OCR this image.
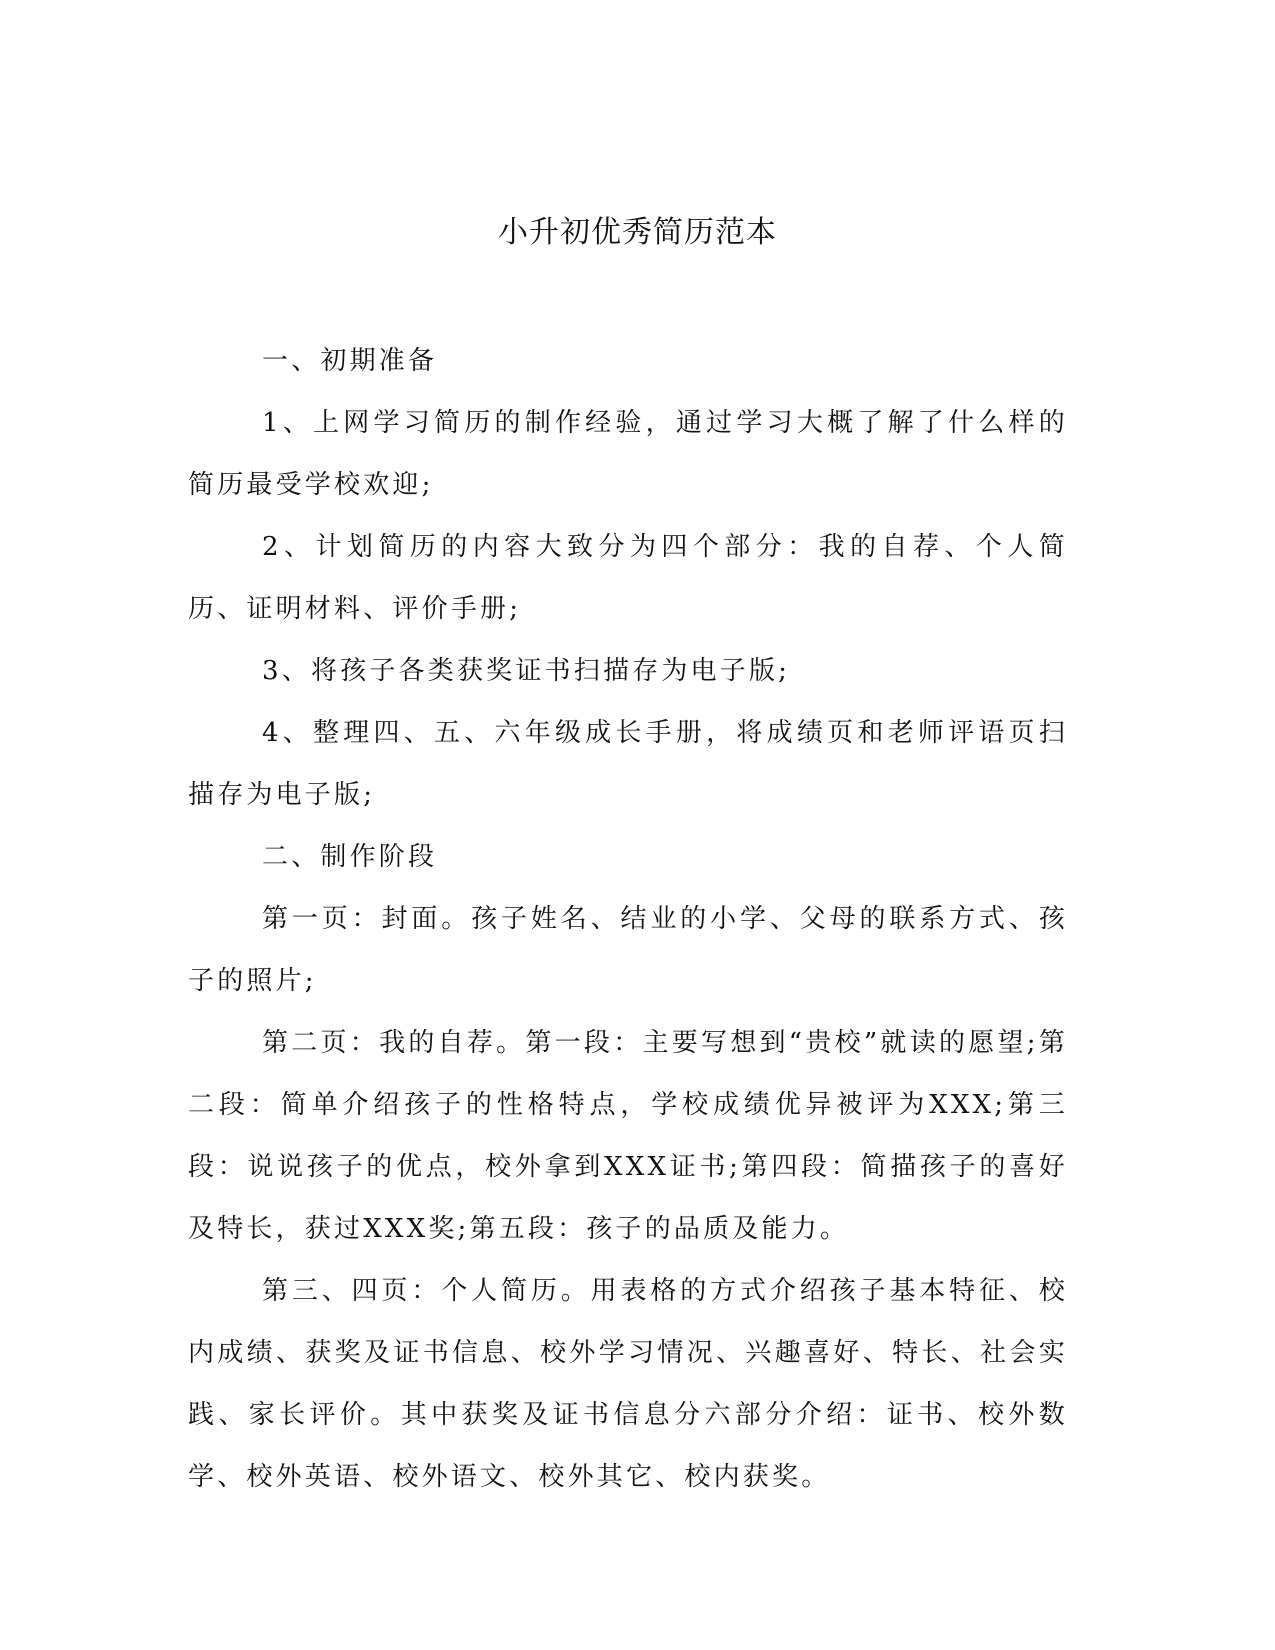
小升初优秀简历范本

一、初期准备

1、上网学习简历的制作经验，通过学习大概了解了什么样的简历最受学校欢迎;

2、计划简历的内容大致分为四个部分：我的自荐、个人简历、证明材料、评价手册;

3、将孩子各类获奖证书扫描存为电子版;

4、整理四、五、六年级成长手册，将成绩页和老师评语页扫描存为电子版;

二、制作阶段

第一页：封面。孩子姓名、结业的小学、父母的联系方式、孩子的照片;

第二页：我的自荐。第一段：主要写想到“贵校”就读的愿望;第二段：简单介绍孩子的性格特点，学校成绩优异被评为XXX;第三段：说说孩子的优点，校外拿到XXX证书;第四段：简描孩子的喜好及特长，获过XXX奖;第五段：孩子的品质及能力。

第三、四页：个人简历。用表格的方式介绍孩子基本特征、校内成绩、获奖及证书信息、校外学习情况、兴趣喜好、特长、社会实践、家长评价。其中获奖及证书信息分六部分介绍：证书、校外数学、校外英语、校外语文、校外其它、校内获奖。
